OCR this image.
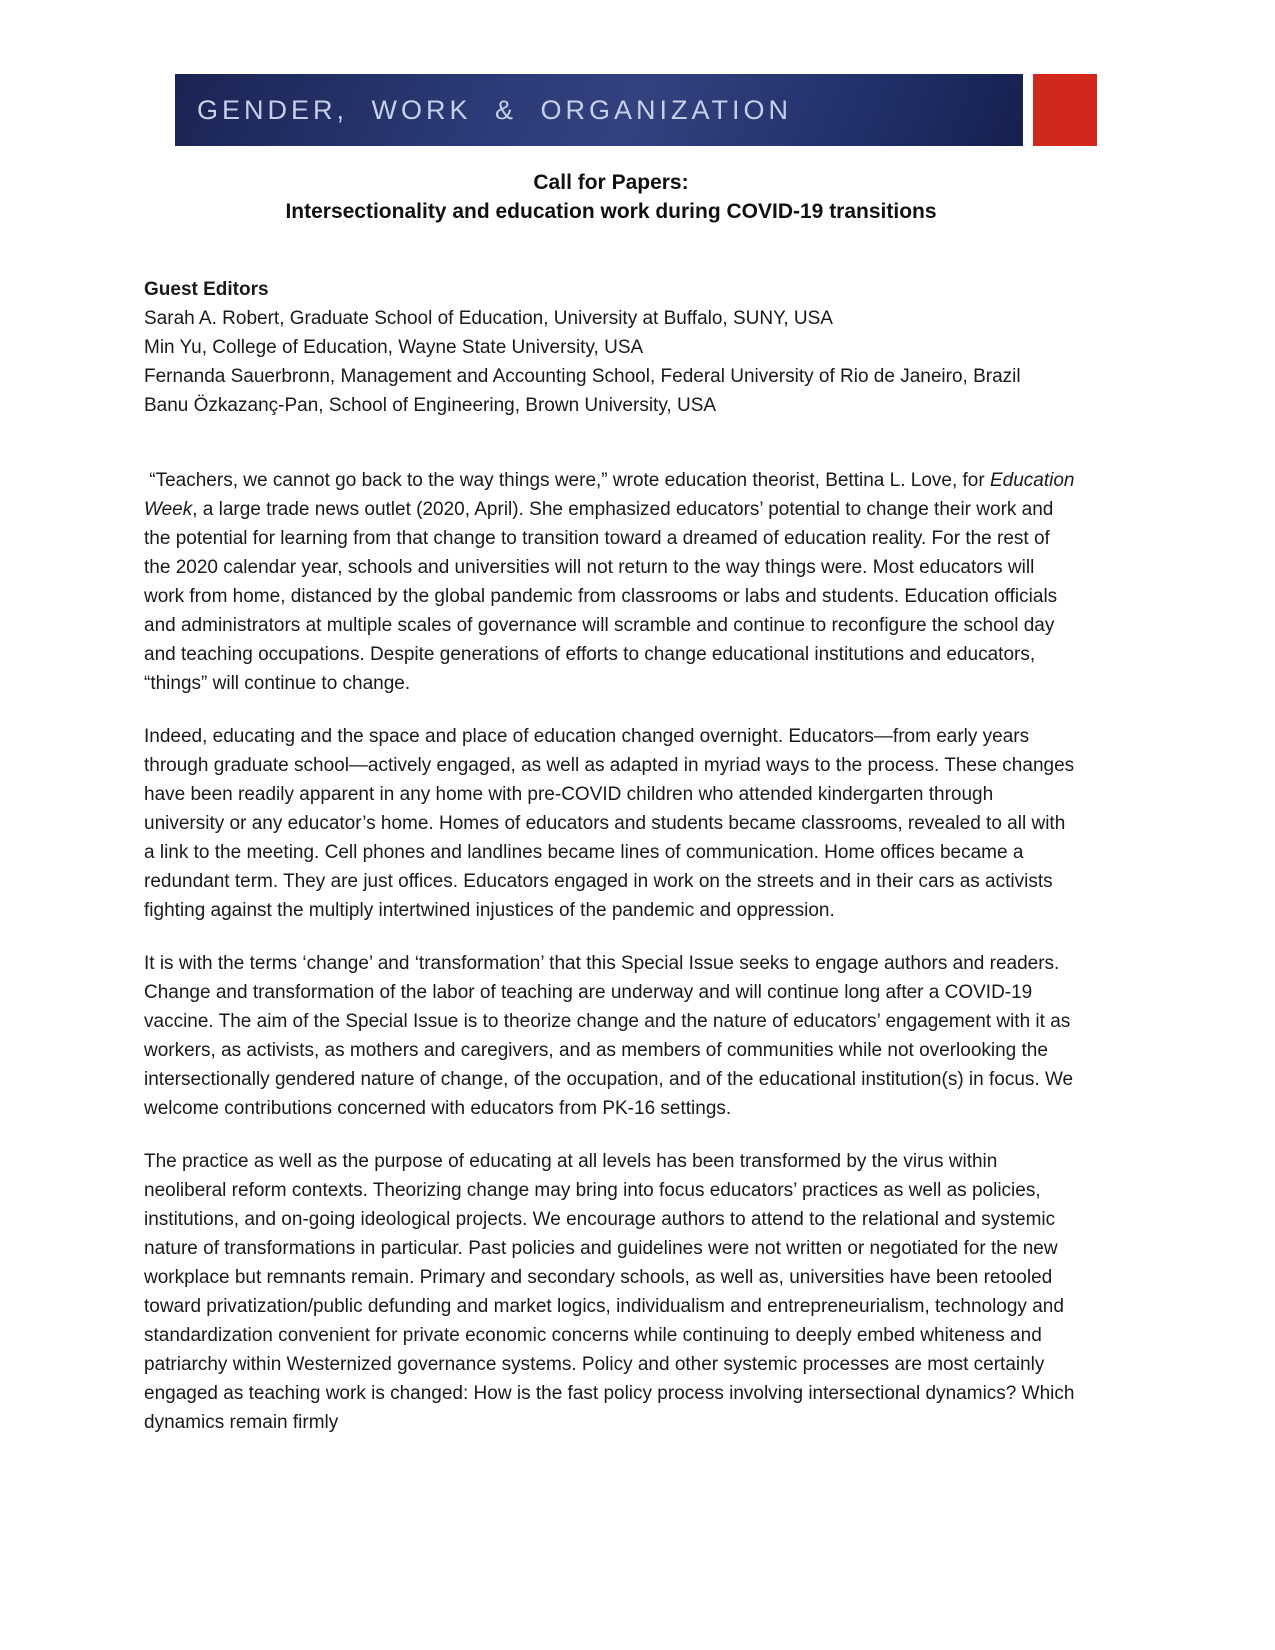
GENDER, WORK & ORGANIZATION
Call for Papers:
Intersectionality and education work during COVID-19 transitions
Guest Editors
Sarah A. Robert, Graduate School of Education, University at Buffalo, SUNY, USA
Min Yu, College of Education, Wayne State University, USA
Fernanda Sauerbronn, Management and Accounting School, Federal University of Rio de Janeiro, Brazil
Banu Özkazanç-Pan, School of Engineering, Brown University, USA

“Teachers, we cannot go back to the way things were,” wrote education theorist, Bettina L. Love, for Education Week, a large trade news outlet (2020, April). She emphasized educators’ potential to change their work and the potential for learning from that change to transition toward a dreamed of education reality. For the rest of the 2020 calendar year, schools and universities will not return to the way things were. Most educators will work from home, distanced by the global pandemic from classrooms or labs and students. Education officials and administrators at multiple scales of governance will scramble and continue to reconfigure the school day and teaching occupations. Despite generations of efforts to change educational institutions and educators, “things” will continue to change.

Indeed, educating and the space and place of education changed overnight. Educators—from early years through graduate school—actively engaged, as well as adapted in myriad ways to the process. These changes have been readily apparent in any home with pre-COVID children who attended kindergarten through university or any educator’s home. Homes of educators and students became classrooms, revealed to all with a link to the meeting. Cell phones and landlines became lines of communication. Home offices became a redundant term. They are just offices. Educators engaged in work on the streets and in their cars as activists fighting against the multiply intertwined injustices of the pandemic and oppression.

It is with the terms ‘change’ and ‘transformation’ that this Special Issue seeks to engage authors and readers. Change and transformation of the labor of teaching are underway and will continue long after a COVID-19 vaccine. The aim of the Special Issue is to theorize change and the nature of educators’ engagement with it as workers, as activists, as mothers and caregivers, and as members of communities while not overlooking the intersectionally gendered nature of change, of the occupation, and of the educational institution(s) in focus. We welcome contributions concerned with educators from PK-16 settings.

The practice as well as the purpose of educating at all levels has been transformed by the virus within neoliberal reform contexts. Theorizing change may bring into focus educators’ practices as well as policies, institutions, and on-going ideological projects. We encourage authors to attend to the relational and systemic nature of transformations in particular. Past policies and guidelines were not written or negotiated for the new workplace but remnants remain. Primary and secondary schools, as well as, universities have been retooled toward privatization/public defunding and market logics, individualism and entrepreneurialism, technology and standardization convenient for private economic concerns while continuing to deeply embed whiteness and patriarchy within Westernized governance systems. Policy and other systemic processes are most certainly engaged as teaching work is changed: How is the fast policy process involving intersectional dynamics? Which dynamics remain firmly
